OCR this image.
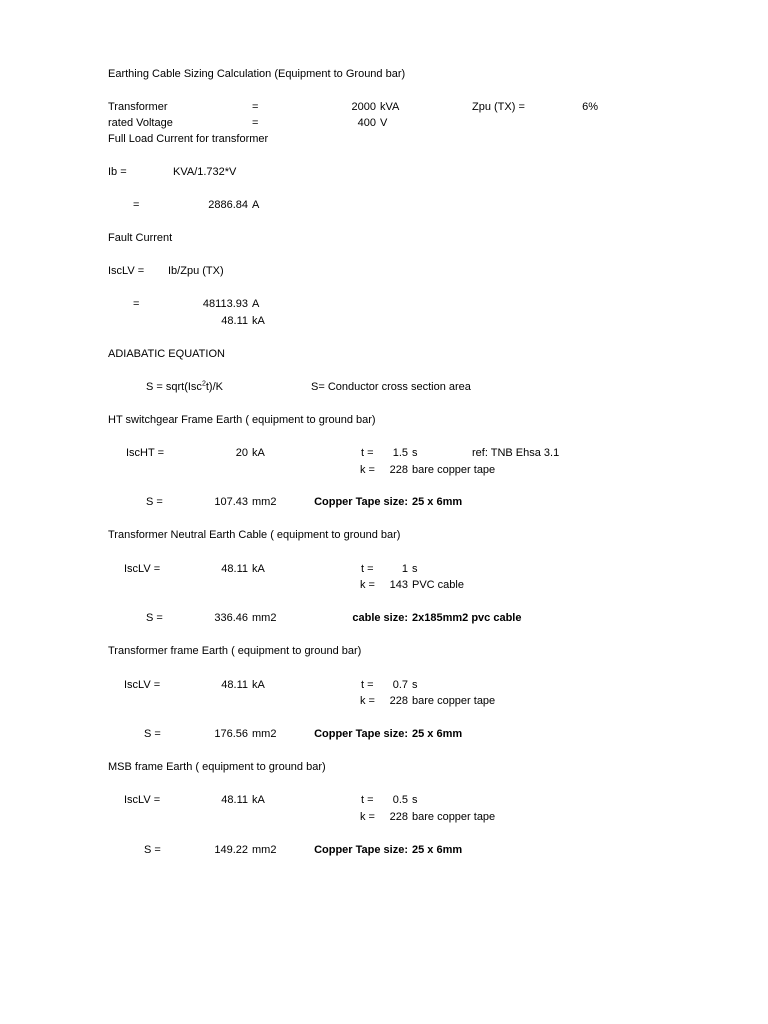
Earthing Cable Sizing Calculation (Equipment to Ground bar)
Transformer	=	2000 kVA	Zpu (TX) =	6%
rated Voltage	=	400 V
Full Load Current for transformer
Ib =	KVA/1.732*V
=	2886.84 A
Fault Current
IscLV = Ib/Zpu (TX)
=	48113.93 A
48.11 kA
ADIABATIC EQUATION
S = sqrt(Isc$^2$t)/K	S= Conductor cross section area
HT switchgear Frame Earth ( equipment to ground bar)
IscHT =	20 kA	t = 1.5 s	ref: TNB Ehsa 3.1
k = 228 bare copper tape
S =	107.43 mm2	Copper Tape size: 25 x 6mm
Transformer Neutral Earth Cable ( equipment to ground bar)
IscLV =	48.11 kA	t =	1 s
k = 143 PVC cable
S =	336.46 mm2	cable size: 2x185mm2 pvc cable
Transformer frame Earth ( equipment to ground bar)
IscLV =	48.11 kA	t = 0.7 s
k = 228 bare copper tape
S =	176.56 mm2	Copper Tape size: 25 x 6mm
MSB frame Earth ( equipment to ground bar)
IscLV =	48.11 kA	t = 0.5 s
k = 228 bare copper tape
S =	149.22 mm2	Copper Tape size: 25 x 6mm
